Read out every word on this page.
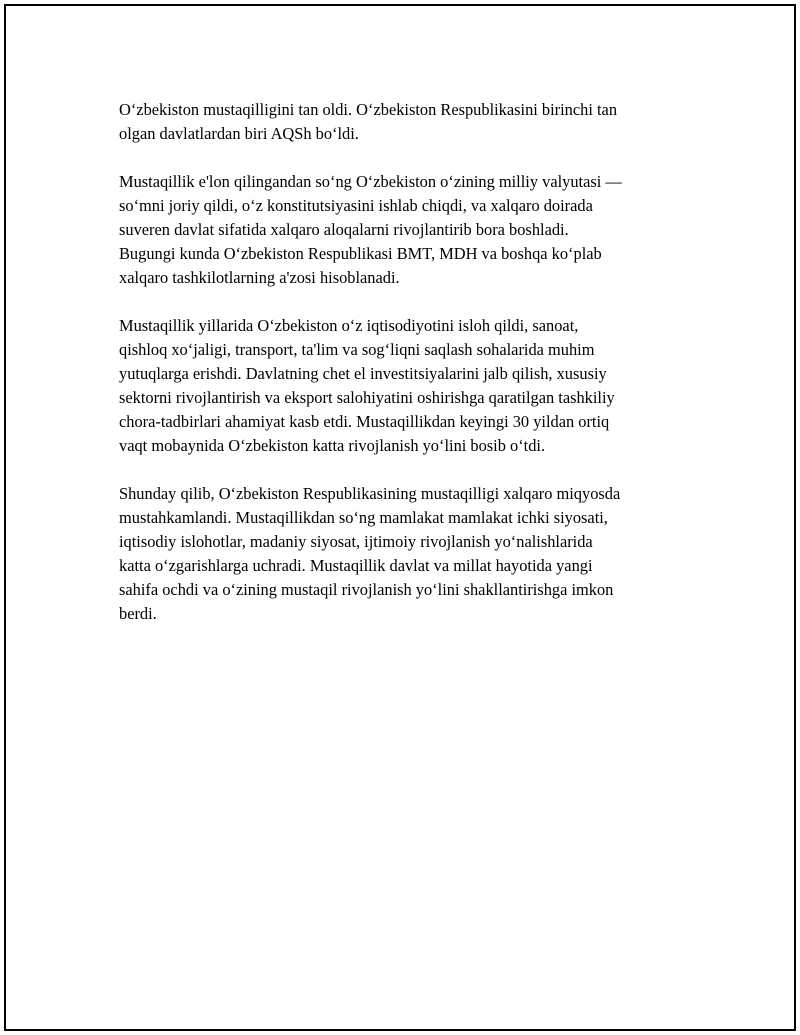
O‘zbekiston mustaqilligini tan oldi. O‘zbekiston Respublikasini birinchi tan
olgan davlatlardan biri AQSh bo‘ldi.

Mustaqillik e'lon qilingandan so‘ng O‘zbekiston o‘zining milliy valyutasi —
so‘mni joriy qildi, o‘z konstitutsiyasini ishlab chiqdi, va xalqaro doirada
suveren davlat sifatida xalqaro aloqalarni rivojlantirib bora boshladi.
Bugungi kunda O‘zbekiston Respublikasi BMT, MDH va boshqa ko‘plab
xalqaro tashkilotlarning a'zosi hisoblanadi.

Mustaqillik yillarida O‘zbekiston o‘z iqtisodiyotini isloh qildi, sanoat,
qishloq xo‘jaligi, transport, ta'lim va sog‘liqni saqlash sohalarida muhim
yutuqlarga erishdi. Davlatning chet el investitsiyalarini jalb qilish, xususiy
sektorni rivojlantirish va eksport salohiyatini oshirishga qaratilgan tashkiliy
chora-tadbirlari ahamiyat kasb etdi. Mustaqillikdan keyingi 30 yildan ortiq
vaqt mobaynida O‘zbekiston katta rivojlanish yo‘lini bosib o‘tdi.

Shunday qilib, O‘zbekiston Respublikasining mustaqilligi xalqaro miqyosda
mustahkamlandi. Mustaqillikdan so‘ng mamlakat mamlakat ichki siyosati,
iqtisodiy islohotlar, madaniy siyosat, ijtimoiy rivojlanish yo‘nalishlarida
katta o‘zgarishlarga uchradi. Mustaqillik davlat va millat hayotida yangi
sahifa ochdi va o‘zining mustaqil rivojlanish yo‘lini shakllantirishga imkon
berdi.
